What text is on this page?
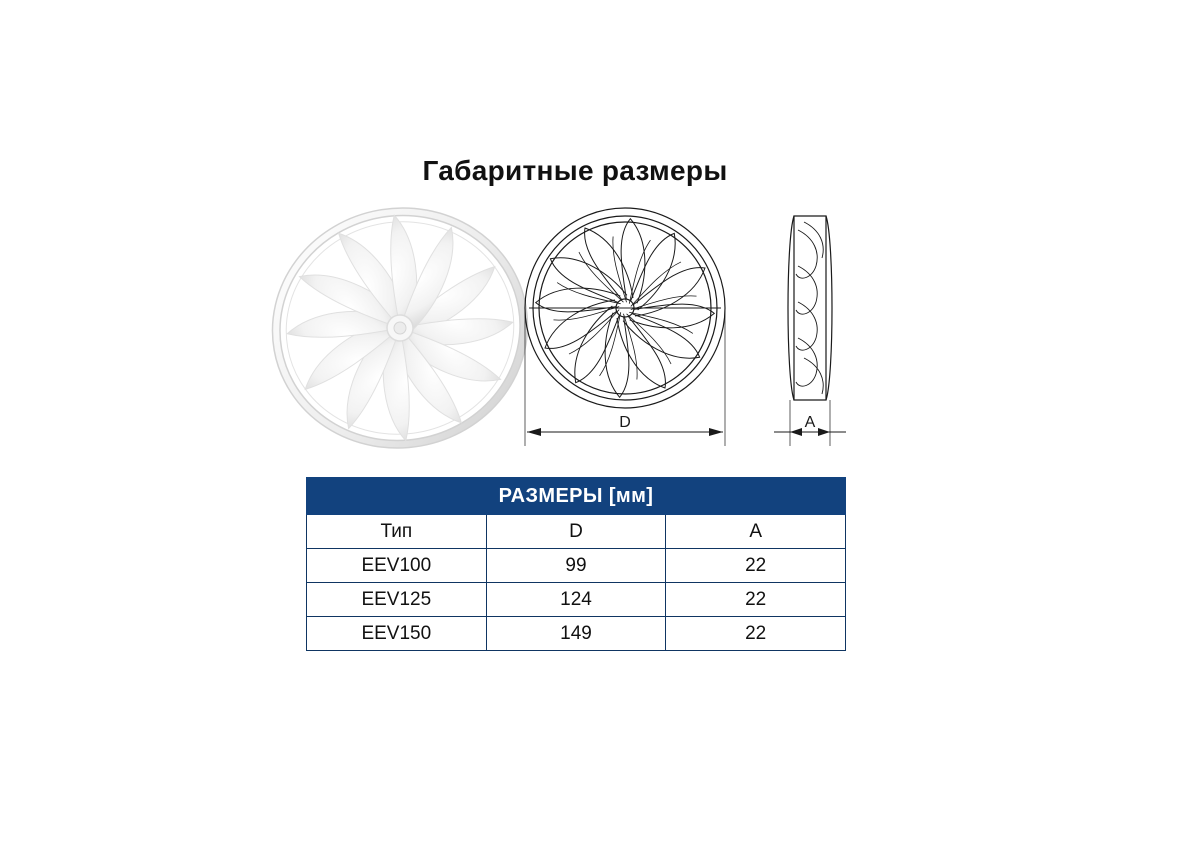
Габаритные размеры
D	A
РАЗМЕРЫ [мм]		
Тип	D	A
EEV100	99	22
EEV125	124	22
EEV150	149	22
